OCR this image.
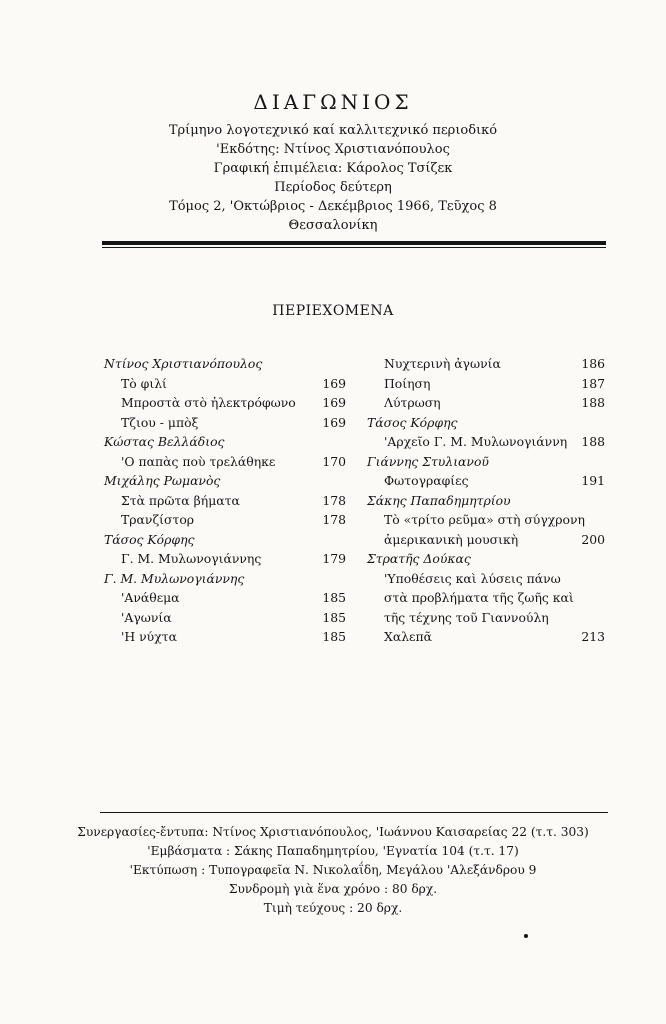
ΔΙΑΓΩΝΙΟΣ
Τρίμηνο λογοτεχνικό καί καλλιτεχνικό περιοδικό
'Εκδότης: Ντίνος Χριστιανόπουλος
Γραφική ἐπιμέλεια: Κάρολος Τσίζεκ
Περίοδος δεύτερη
Τόμος 2, 'Οκτώβριος - Δεκέμβριος 1966, Τεῦχος 8
Θεσσαλονίκη
ΠΕΡΙΕΧΟΜΕΝΑ
Ντίνος Χριστιανόπουλος
Τὸ φιλί	169
Μπροστὰ στὸ ἠλεκτρόφωνο 169
Τζιου - μπὸξ	169
Κώστας Βελλάδιος
'Ο παπὰς ποὺ τρελάθηκε	170
Μιχάλης Ρωμανὸς
Στὰ πρῶτα βήματα	178
Τρανζίστορ	178
Τάσος Κόρφης
Γ. Μ. Μυλωνογιάννης	179
Γ. Μ. Μυλωνογιάννης
'Ανάθεμα	185
'Αγωνία	185
'Η νύχτα	185
Νυχτερινὴ ἀγωνία	186
Ποίηση	187
Λύτρωση	188
Τάσος Κόρφης
'Αρχεῖο Γ. Μ. Μυλωνογιάννη 188
Γιάννης Στυλιανοῦ
Φωτογραφίες	191
Σάκης Παπαδημητρίου
Τὸ «τρίτο ρεῦμα» στὴ σύγχρονη
ἀμερικανικὴ μουσικὴ	200
Στρατῆς Δούκας
'Υποθέσεις καὶ λύσεις πάνω
στὰ προβλήματα τῆς ζωῆς καὶ
τῆς τέχνης τοῦ Γιαννούλη
Χαλεπᾶ	213
Συνεργασίες-ἔντυπα: Ντίνος Χριστιανόπουλος, 'Ιωάννου Καισαρείας 22 (τ.τ. 303)
'Εμβάσματα : Σάκης Παπαδημητρίου, 'Εγνατία 104 (τ.τ. 17)
'Εκτύπωση : Τυπογραφεῖα Ν. Νικολαΐδη, Μεγάλου 'Αλεξάνδρου 9
Συνδρομὴ γιὰ ἕνα χρόνο : 80 δρχ.
Τιμὴ τεύχους : 20 δρχ.
